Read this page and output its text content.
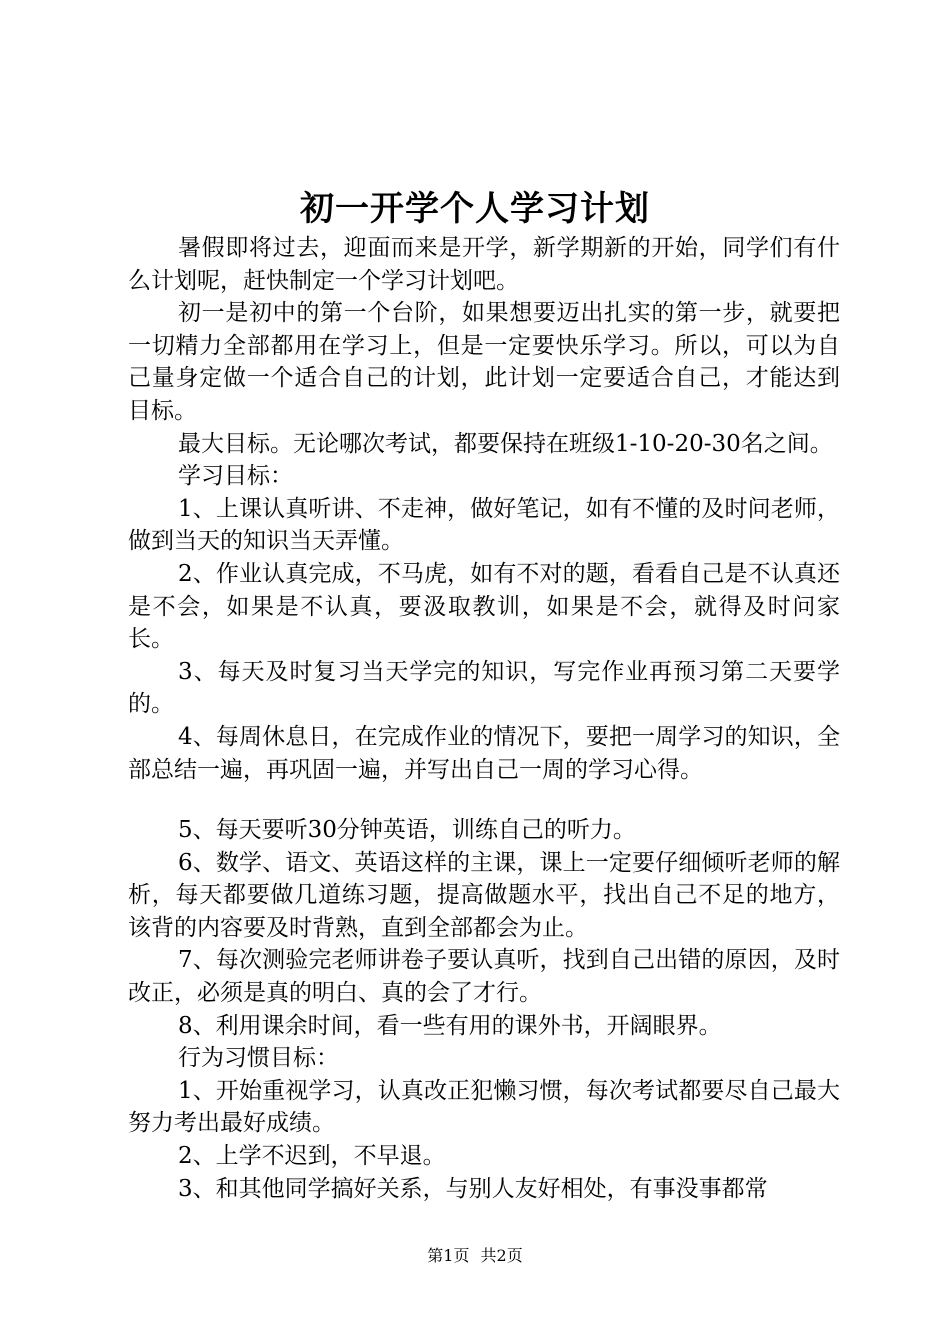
初一开学个人学习计划

暑假即将过去，迎面而来是开学，新学期新的开始，同学们有什么计划呢，赶快制定一个学习计划吧。

初一是初中的第一个台阶，如果想要迈出扎实的第一步，就要把一切精力全部都用在学习上，但是一定要快乐学习。所以，可以为自己量身定做一个适合自己的计划，此计划一定要适合自己，才能达到目标。

最大目标。无论哪次考试，都要保持在班级1-10-20-30名之间。

学习目标：

1、上课认真听讲、不走神，做好笔记，如有不懂的及时问老师，做到当天的知识当天弄懂。

2、作业认真完成，不马虎，如有不对的题，看看自己是不认真还是不会，如果是不认真，要汲取教训，如果是不会，就得及时问家长。

3、每天及时复习当天学完的知识，写完作业再预习第二天要学的。

4、每周休息日，在完成作业的情况下，要把一周学习的知识，全部总结一遍，再巩固一遍，并写出自己一周的学习心得。

5、每天要听30分钟英语，训练自己的听力。

6、数学、语文、英语这样的主课，课上一定要仔细倾听老师的解析，每天都要做几道练习题，提高做题水平，找出自己不足的地方，该背的内容要及时背熟，直到全部都会为止。

7、每次测验完老师讲卷子要认真听，找到自己出错的原因，及时改正，必须是真的明白、真的会了才行。

8、利用课余时间，看一些有用的课外书，开阔眼界。

行为习惯目标：

1、开始重视学习，认真改正犯懒习惯，每次考试都要尽自己最大努力考出最好成绩。

2、上学不迟到，不早退。

3、和其他同学搞好关系，与别人友好相处，有事没事都常

第1页 共2页
